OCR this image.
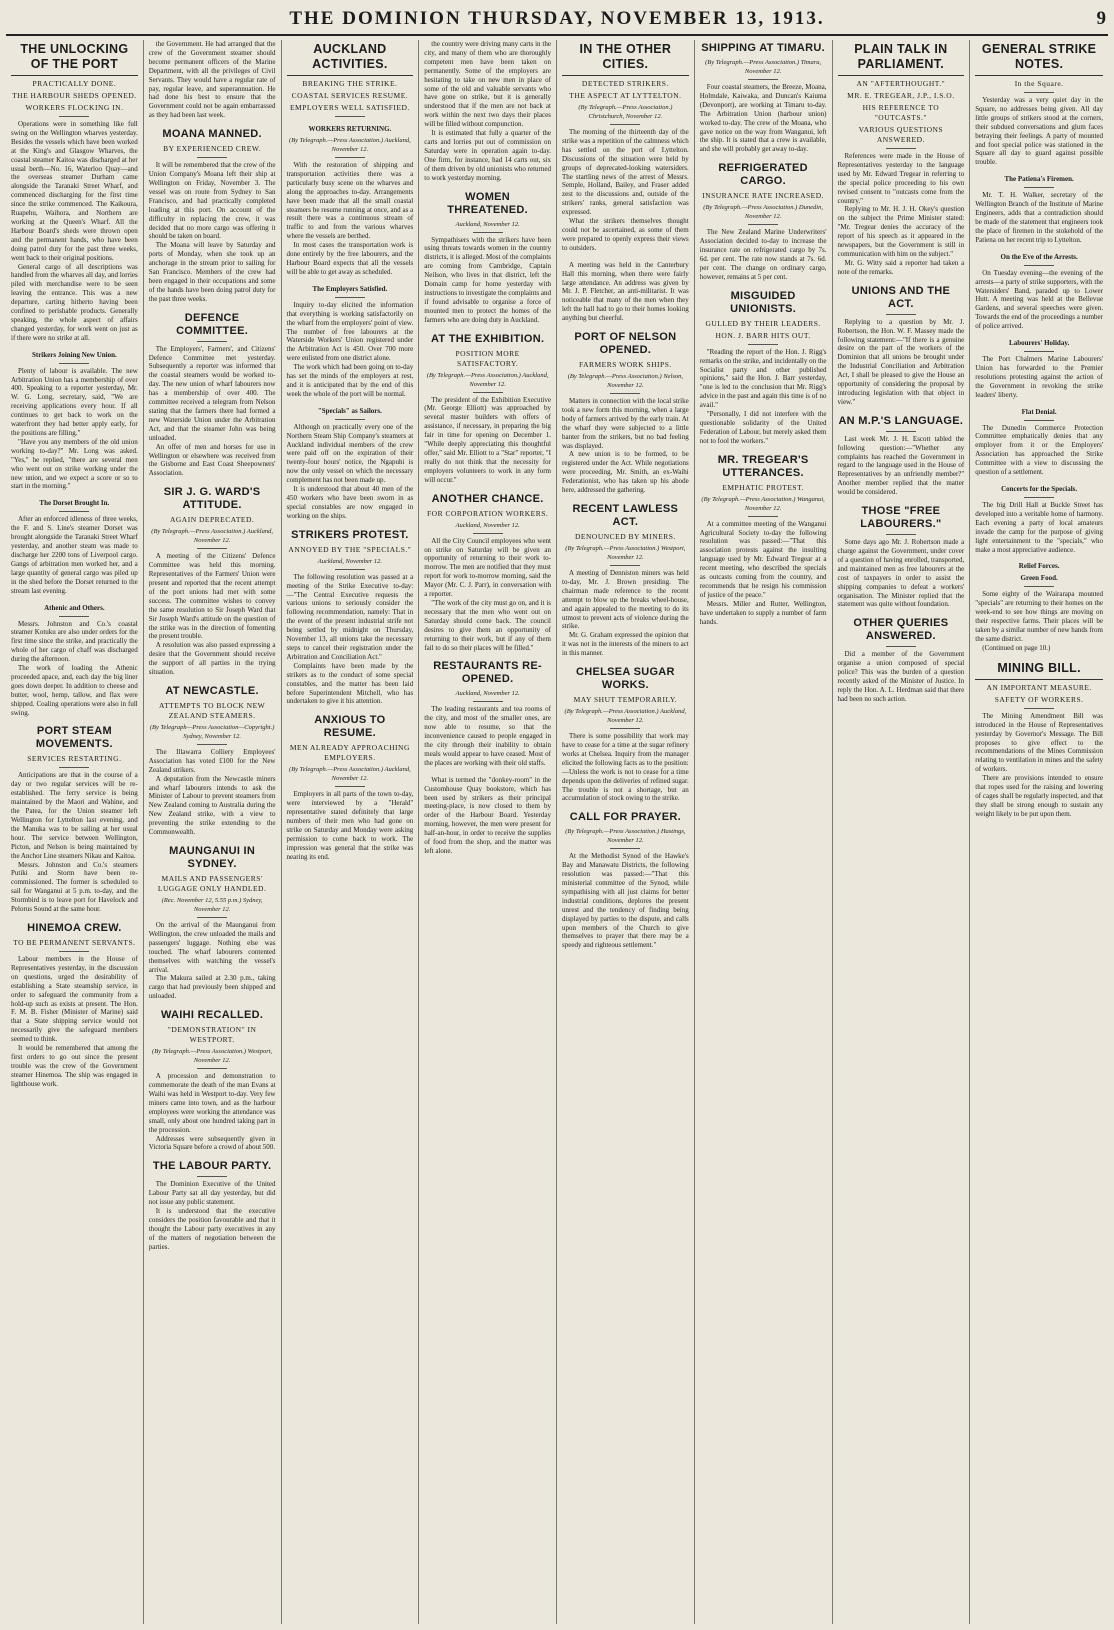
THE DOMINION THURSDAY, NOVEMBER 13, 1913.	9
THE UNLOCKING OF THE PORT
PRACTICALLY DONE.
THE HARBOUR SHEDS OPENED.
WORKERS FLOCKING IN.

Operations were in something like full swing on the Wellington wharves yesterday. Besides the vessels which have been worked at the King's and Glasgow Wharves, the coastal steamer Kaitoa was discharged at her usual berth—No. 16, Waterloo Quay—and the overseas steamer Durham came alongside the Taranaki Street Wharf, and commenced discharging for the first time since the strike commenced. The Kaikoura, Ruapehu, Waihora, and Northern are working at the Queen's Wharf. All the Harbour Board's sheds were thrown open and the permanent hands, who have been doing patrol duty for the past three weeks, went back to their original positions.

General cargo of all descriptions was handled from the wharves all day, and lorries piled with merchandise were to be seen leaving the entrance. This was a new departure, carting hitherto having been confined to perishable products. Generally speaking, the whole aspect of affairs changed yesterday, for work went on just as if there were no strike at all.

Strikers Joining New Union.

Plenty of labour is available. The new Arbitration Union has a membership of over 400. Speaking to a reporter yesterday, Mr. W. G. Long, secretary, said, "We are receiving applications every hour. If all continues to get back to work on the waterfront they had better apply early, for the positions are filling."

"Have you any members of the old union working to-day?" Mr. Long was asked. "Yes," he replied, "there are several men who went out on strike working under the new union, and we expect a score or so to start in the morning."

The Dorset Brought In.

After an enforced idleness of three weeks, the F. and S. Line's steamer Dorset was brought alongside the Taranaki Street Wharf yesterday, and another steam was made to discharge her 2200 tons of Liverpool cargo. Gangs of arbitration men worked her, and a large quantity of general cargo was piled up in the shed before the Dorset returned to the stream last evening.

Athenic and Others.

Messrs. Johnston and Co.'s coastal steamer Kotuku are also under orders for the first time since the strike, and practically the whole of her cargo of chaff was discharged during the afternoon.

The work of loading the Athenic proceeded apace, and, each day the big liner goes down deeper. In addition to cheese and butter, wool, hemp, tallow, and flax were shipped. Coaling operations were also in full swing.

PORT STEAM MOVEMENTS.
SERVICES RESTARTING.

Anticipations are that in the course of a day or two regular services will be re-established. The ferry service is being maintained by the Maori and Wahine, and the Patea, for the Union steamer left Wellington for Lyttelton last evening, and the Manuka was to be sailing at her usual hour. The service between Wellington, Picton, and Nelson is being maintained by the Anchor Line steamers Nikau and Kaitoa.

Messrs. Johnston and Co.'s steamers Putiki and Storm have been re-commissioned. The former is scheduled to sail for Wanganui at 5 p.m. to-day, and the Stormbird is to leave port for Havelock and Pelorus Sound at the same hour.

HINEMOA CREW.
TO BE PERMANENT SERVANTS.

Labour members in the House of Representatives yesterday, in the discussion on questions, urged the desirability of establishing a State steamship service, in order to safeguard the community from a hold-up such as exists at present. The Hon. F. M. B. Fisher (Minister of Marine) said that a State shipping service would not necessarily give the safeguard members seemed to think.

It would be remembered that among the first orders to go out since the present trouble was the crew of the Government steamer Hinemoa. The ship was engaged in lighthouse work.

the Government. He had arranged that the crew of the Government steamer should become permanent officers of the Marine Department, with all the privileges of Civil Servants. They would have a regular rate of pay, regular leave, and superannuation. He had done his best to ensure that the Government could not be again embarrassed as they had been last week.

MOANA MANNED.
BY EXPERIENCED CREW.

It will be remembered that the crew of the Union Company's Moana left their ship at Wellington on Friday, November 3. The vessel was on route from Sydney to San Francisco, and had practically completed loading at this port. On account of the difficulty in replacing the crew, it was decided that no more cargo was offering it should be taken on board.

The Moana will leave by Saturday and ports of Monday, when she took up an anchorage in the stream prior to sailing for San Francisco. Members of the crew had been engaged in their occupations and some of the hands have been doing patrol duty for the past three weeks.

DEFENCE COMMITTEE.

The Employers', Farmers', and Citizens' Defence Committee met yesterday. Subsequently a reporter was informed that the coastal steamers would be worked to-day. The new union of wharf labourers now has a membership of over 400. The committee received a telegram from Nelson stating that the farmers there had formed a new Waterside Union under the Arbitration Act, and that the steamer John was being unloaded.

An offer of men and horses for use in Wellington or elsewhere was received from the Gisborne and East Coast Sheepowners' Association.

SIR J. G. WARD'S ATTITUDE.
AGAIN DEPRECATED.
(By Telegraph.—Press Association.) Auckland, November 12.

A meeting of the Citizens' Defence Committee was held this morning. Representatives of the Farmers' Union were present and reported that the recent attempt of the port unions had met with some success. The committee wishes to convey the same resolution to Sir Joseph Ward that Sir Joseph Ward's attitude on the question of the strike was in the direction of fomenting the present trouble.

A resolution was also passed expressing a desire that the Government should receive the support of all parties in the trying situation.

AT NEWCASTLE.
ATTEMPTS TO BLOCK NEW ZEALAND STEAMERS.
(By Telegraph—Press Association—Copyright.) Sydney, November 12.

The Illawarra Colliery Employees' Association has voted £100 for the New Zealand strikers.

A deputation from the Newcastle miners and wharf labourers intends to ask the Minister of Labour to prevent steamers from New Zealand coming to Australia during the New Zealand strike, with a view to preventing the strike extending to the Commonwealth.

MAUNGANUI IN SYDNEY.
MAILS AND PASSENGERS' LUGGAGE ONLY HANDLED.
(Rec. November 12, 5.55 p.m.) Sydney, November 12.

On the arrival of the Maunganui from Wellington, the crew unloaded the mails and passengers' luggage. Nothing else was touched. The wharf labourers contented themselves with watching the vessel's arrival.

The Makura sailed at 2.30 p.m., taking cargo that had previously been shipped and unloaded.

WAIHI RECALLED.
"DEMONSTRATION" IN WESTPORT.
(By Telegraph.—Press Association.) Westport, November 12.

A procession and demonstration to commemorate the death of the man Evans at Waihi was held in Westport to-day. Very few miners came into town, and as the harbour employees were working the attendance was small, only about one hundred taking part in the procession.

Addresses were subsequently given in Victoria Square before a crowd of about 500.

THE LABOUR PARTY.

The Dominion Executive of the United Labour Party sat all day yesterday, but did not issue any public statement.

It is understood that the executive considers the position favourable and that it thought the Labour party executives in any of the matters of negotiation between the parties.

AUCKLAND ACTIVITIES.
BREAKING THE STRIKE.
COASTAL SERVICES RESUME.
EMPLOYERS WELL SATISFIED.
WORKERS RETURNING.
(By Telegraph.—Press Association.) Auckland, November 12.

With the restoration of shipping and transportation activities there was a particularly busy scene on the wharves and along the approaches to-day. Arrangements have been made that all the small coastal steamers be resume running at once, and as a result there was a continuous stream of traffic to and from the various wharves where the vessels are berthed.

In most cases the transportation work is done entirely by the free labourers, and the Harbour Board expects that all the vessels will be able to get away as scheduled.

The Employers Satisfied.

Inquiry to-day elicited the information that everything is working satisfactorily on the wharf from the employers' point of view. The number of free labourers at the Waterside Workers' Union registered under the Arbitration Act is 450. Over 700 more were enlisted from one district alone.

The work which had been going on to-day has set the minds of the employers at rest, and it is anticipated that by the end of this week the whole of the port will be normal.

"Specials" as Sailors.

Although on practically every one of the Northern Steam Ship Company's steamers at Auckland individual members of the crew were paid off on the expiration of their twenty-four hours' notice, the Ngapuhi is now the only vessel on which the necessary complement has not been made up.

It is understood that about 40 men of the 450 workers who have been sworn in as special constables are now engaged in working on the ships.

STRIKERS PROTEST.
ANNOYED BY THE "SPECIALS."
Auckland, November 12.

The following resolution was passed at a meeting of the Strike Executive to-day:—"The Central Executive requests the various unions to seriously consider the following recommendation, namely: That in the event of the present industrial strife not being settled by midnight on Thursday, November 13, all unions take the necessary steps to cancel their registration under the Arbitration and Conciliation Act."

Complaints have been made by the strikers as to the conduct of some special constables, and the matter has been laid before Superintendent Mitchell, who has undertaken to give it his attention.

ANXIOUS TO RESUME.
MEN ALREADY APPROACHING EMPLOYERS.
(By Telegraph.—Press Association.) Auckland, November 12.

Employers in all parts of the town to-day, were interviewed by a "Herald" representative stated definitely that large numbers of their men who had gone on strike on Saturday and Monday were asking permission to come back to work. The impression was general that the strike was nearing its end.

the country were driving many carts in the city, and many of them who are thoroughly competent men have been taken on permanently. Some of the employers are hesitating to take on new men in place of some of the old and valuable servants who have gone on strike, but it is generally understood that if the men are not back at work within the next two days their places will be filled without compunction.

It is estimated that fully a quarter of the carts and lorries put out of commission on Saturday were in operation again to-day. One firm, for instance, had 14 carts out, six of them driven by old unionists who returned to work yesterday morning.

WOMEN THREATENED.
Auckland, November 12.

Sympathisers with the strikers have been using threats towards women in the country districts, it is alleged. Most of the complaints are coming from Cambridge, Captain Neilson, who lives in that district, left the Domain camp for home yesterday with instructions to investigate the complaints and if found advisable to organise a force of mounted men to protect the homes of the farmers who are doing duty in Auckland.

AT THE EXHIBITION.
POSITION MORE SATISFACTORY.
(By Telegraph.—Press Association.) Auckland, November 12.

The president of the Exhibition Executive (Mr. George Elliott) was approached by several master builders with offers of assistance, if necessary, in preparing the big fair in time for opening on December 1. "While deeply appreciating this thoughtful offer," said Mr. Elliott to a "Star" reporter, "I really do not think that the necessity for employers volunteers to work in any form will occur."

ANOTHER CHANCE.
FOR CORPORATION WORKERS.
Auckland, November 12.

All the City Council employees who went on strike on Saturday will be given an opportunity of returning to their work to-morrow. The men are notified that they must report for work to-morrow morning, said the Mayor (Mr. C. J. Parr), in conversation with a reporter.

"The work of the city must go on, and it is necessary that the men who went out on Saturday should come back. The council desires to give them an opportunity of returning to their work, but if any of them fail to do so their places will be filled."

RESTAURANTS RE-OPENED.
Auckland, November 12.

The leading restaurants and tea rooms of the city, and most of the smaller ones, are now able to resume, so that the inconvenience caused to people engaged in the city through their inability to obtain meals would appear to have ceased. Most of the places are working with their old staffs.

What is termed the "donkey-room" in the Customhouse Quay bookstore, which has been used by strikers as their principal meeting-place, is now closed to them by order of the Harbour Board. Yesterday morning, however, the men were present for half-an-hour, in order to receive the supplies of food from the shop, and the matter was left alone.

IN THE OTHER CITIES.
DETECTED STRIKERS.
THE ASPECT AT LYTTELTON.
(By Telegraph.—Press Association.) Christchurch, November 12.

The morning of the thirteenth day of the strike was a repetition of the calmness which has settled on the port of Lyttelton. Discussions of the situation were held by groups of deprecated-looking watersiders. The startling news of the arrest of Messrs. Semple, Holland, Bailey, and Fraser added zest to the discussions and, outside of the strikers' ranks, general satisfaction was expressed.

What the strikers themselves thought could not be ascertained, as some of them were prepared to openly express their views to outsiders.

A meeting was held in the Canterbury Hall this morning, when there were fairly large attendance. An address was given by Mr. J. P. Fletcher, an anti-militarist. It was noticeable that many of the men when they left the hall had to go to their homes looking anything but cheerful.

PORT OF NELSON OPENED.
FARMERS WORK SHIPS.
(By Telegraph.—Press Association.) Nelson, November 12.

Matters in connection with the local strike took a new form this morning, when a large body of farmers arrived by the early train. At the wharf they were subjected to a little banter from the strikers, but no bad feeling was displayed.

A new union is to be formed, to be registered under the Act. While negotiations were proceeding, Mr. Smith, an ex-Waihi Federationist, who has taken up his abode here, addressed the gathering.

RECENT LAWLESS ACT.
DENOUNCED BY MINERS.
(By Telegraph.—Press Association.) Westport, November 12.

A meeting of Denniston miners was held to-day, Mr. J. Brown presiding. The chairman made reference to the recent attempt to blow up the breaks wheel-house, and again appealed to the meeting to do its utmost to prevent acts of violence during the strike.

Mr. G. Graham expressed the opinion that it was not in the interests of the miners to act in this manner.

CHELSEA SUGAR WORKS.
MAY SHUT TEMPORARILY.
(By Telegraph.—Press Association.) Auckland, November 12.

There is some possibility that work may have to cease for a time at the sugar refinery works at Chelsea. Inquiry from the manager elicited the following facts as to the position:—Unless the work is not to cease for a time depends upon the deliveries of refined sugar. The trouble is not a shortage, but an accumulation of stock owing to the strike.

CALL FOR PRAYER.
(By Telegraph.—Press Association.) Hastings, November 12.

At the Methodist Synod of the Hawke's Bay and Manawatu Districts, the following resolution was passed:—"That this ministerial committee of the Synod, while sympathising with all just claims for better industrial conditions, deplores the present unrest and the tendency of finding being displayed by parties to the dispute, and calls upon members of the Church to give themselves to prayer that there may be a speedy and righteous settlement."

SHIPPING AT TIMARU.
(By Telegraph.—Press Association.) Timaru, November 12.

Four coastal steamers, the Breeze, Moana, Holmdale, Kaiwaka, and Duncan's Kaiuma (Devonport), are working at Timaru to-day. The Arbitration Union (harbour union) worked to-day. The crew of the Moana, who gave notice on the way from Wanganui, left the ship. It is stated that a crew is available, and she will probably get away to-day.

REFRIGERATED CARGO.
INSURANCE RATE INCREASED.
(By Telegraph.—Press Association.) Dunedin, November 12.

The New Zealand Marine Underwriters' Association decided to-day to increase the insurance rate on refrigerated cargo by 7s. 6d. per cent. The rate now stands at 7s. 6d. per cent. The change on ordinary cargo, however, remains at 5 per cent.

MISGUIDED UNIONISTS.
GULLED BY THEIR LEADERS.
HON. J. BARR HITS OUT.

"Reading the report of the Hon. J. Rigg's remarks on the strike, and incidentally on the Socialist party and other published opinions," said the Hon. J. Barr yesterday, "one is led to the conclusion that Mr. Rigg's advice in the past and again this time is of no avail."

"Personally, I did not interfere with the questionable solidarity of the United Federation of Labour, but merely asked them not to fool the workers."

MR. TREGEAR'S UTTERANCES.
EMPHATIC PROTEST.
(By Telegraph.—Press Association.) Wanganui, November 12.

At a committee meeting of the Wanganui Agricultural Society to-day the following resolution was passed:—"That this association protests against the insulting language used by Mr. Edward Tregear at a recent meeting, who described the specials as outcasts coming from the country, and recommends that he resign his commission of justice of the peace."

Messrs. Miller and Rutter, Wellington, have undertaken to supply a number of farm hands.

PLAIN TALK IN PARLIAMENT.
AN "AFTERTHOUGHT."
MR. E. TREGEAR, J.P., I.S.O.
HIS REFERENCE TO "OUTCASTS."
VARIOUS QUESTIONS ANSWERED.

References were made in the House of Representatives yesterday to the language used by Mr. Edward Tregear in referring to the special police proceeding to his own revised consent to "outcasts come from the country."

Replying to Mr. H. J. H. Okey's question on the subject the Prime Minister stated: "Mr. Tregear denies the accuracy of the report of his speech as it appeared in the newspapers, but the Government is still in communication with him on the subject."

Mr. G. Witty said a reporter had taken a note of the remarks.

UNIONS AND THE ACT.

Replying to a question by Mr. J. Robertson, the Hon. W. F. Massey made the following statement:—"If there is a genuine desire on the part of the workers of the Dominion that all unions be brought under the Industrial Conciliation and Arbitration Act, I shall be pleased to give the House an opportunity of considering the proposal by introducing legislation with that object in view."

AN M.P.'S LANGUAGE.

Last week Mr. J. H. Escott tabled the following question:—"Whether any complaints has reached the Government in regard to the language used in the House of Representatives by an unfriendly member?" Another member replied that the matter would be considered.

THOSE "FREE LABOURERS."

Some days ago Mr. J. Robertson made a charge against the Government, under cover of a question of having enrolled, transported, and maintained men as free labourers at the cost of taxpayers in order to assist the shipping companies to defeat a workers' organisation. The Minister replied that the statement was quite without foundation.

OTHER QUERIES ANSWERED.

Did a member of the Government organise a union composed of special police? This was the burden of a question recently asked of the Minister of Justice. In reply the Hon. A. L. Herdman said that there had been no such action.

GENERAL STRIKE NOTES.
In the Square.

Yesterday was a very quiet day in the Square, no addresses being given. All day little groups of strikers stood at the corners, their subdued conversations and glum faces betraying their feelings. A party of mounted and foot special police was stationed in the Square all day to guard against possible trouble.

The Patiena's Firemen.

Mr. T. H. Walker, secretary of the Wellington Branch of the Institute of Marine Engineers, adds that a contradiction should be made of the statement that engineers took the place of firemen in the stokehold of the Patiena on her recent trip to Lyttelton.

On the Eve of the Arrests.

On Tuesday evening—the evening of the arrests—a party of strike supporters, with the Watersiders' Band, paraded up to Lower Hutt. A meeting was held at the Bellevue Gardens, and several speeches were given. Towards the end of the proceedings a number of police arrived.

Labourers' Holiday.

The Port Chalmers Marine Labourers' Union has forwarded to the Premier resolutions protesting against the action of the Government in revoking the strike leaders' liberty.

Flat Denial.

The Dunedin Commerce Protection Committee emphatically denies that any employer from it or the Employers' Association has approached the Strike Committee with a view to discussing the question of a settlement.

Concerts for the Specials.

The big Drill Hall at Buckle Street has developed into a veritable home of harmony. Each evening a party of local amateurs invade the camp for the purpose of giving light entertainment to the "specials," who make a most appreciative audience.

Relief Forces.
Green Food.

Some eighty of the Wairarapa mounted "specials" are returning to their homes on the week-end to see how things are moving on their respective farms. Their places will be taken by a similar number of new hands from the same district.

(Continued on page 10.)

MINING BILL.
AN IMPORTANT MEASURE.
SAFETY OF WORKERS.

The Mining Amendment Bill was introduced in the House of Representatives yesterday by Governor's Message. The Bill proposes to give effect to the recommendations of the Mines Commission relating to ventilation in mines and the safety of workers.

There are provisions intended to ensure that ropes used for the raising and lowering of cages shall be regularly inspected, and that they shall be strong enough to sustain any weight likely to be put upon them.
